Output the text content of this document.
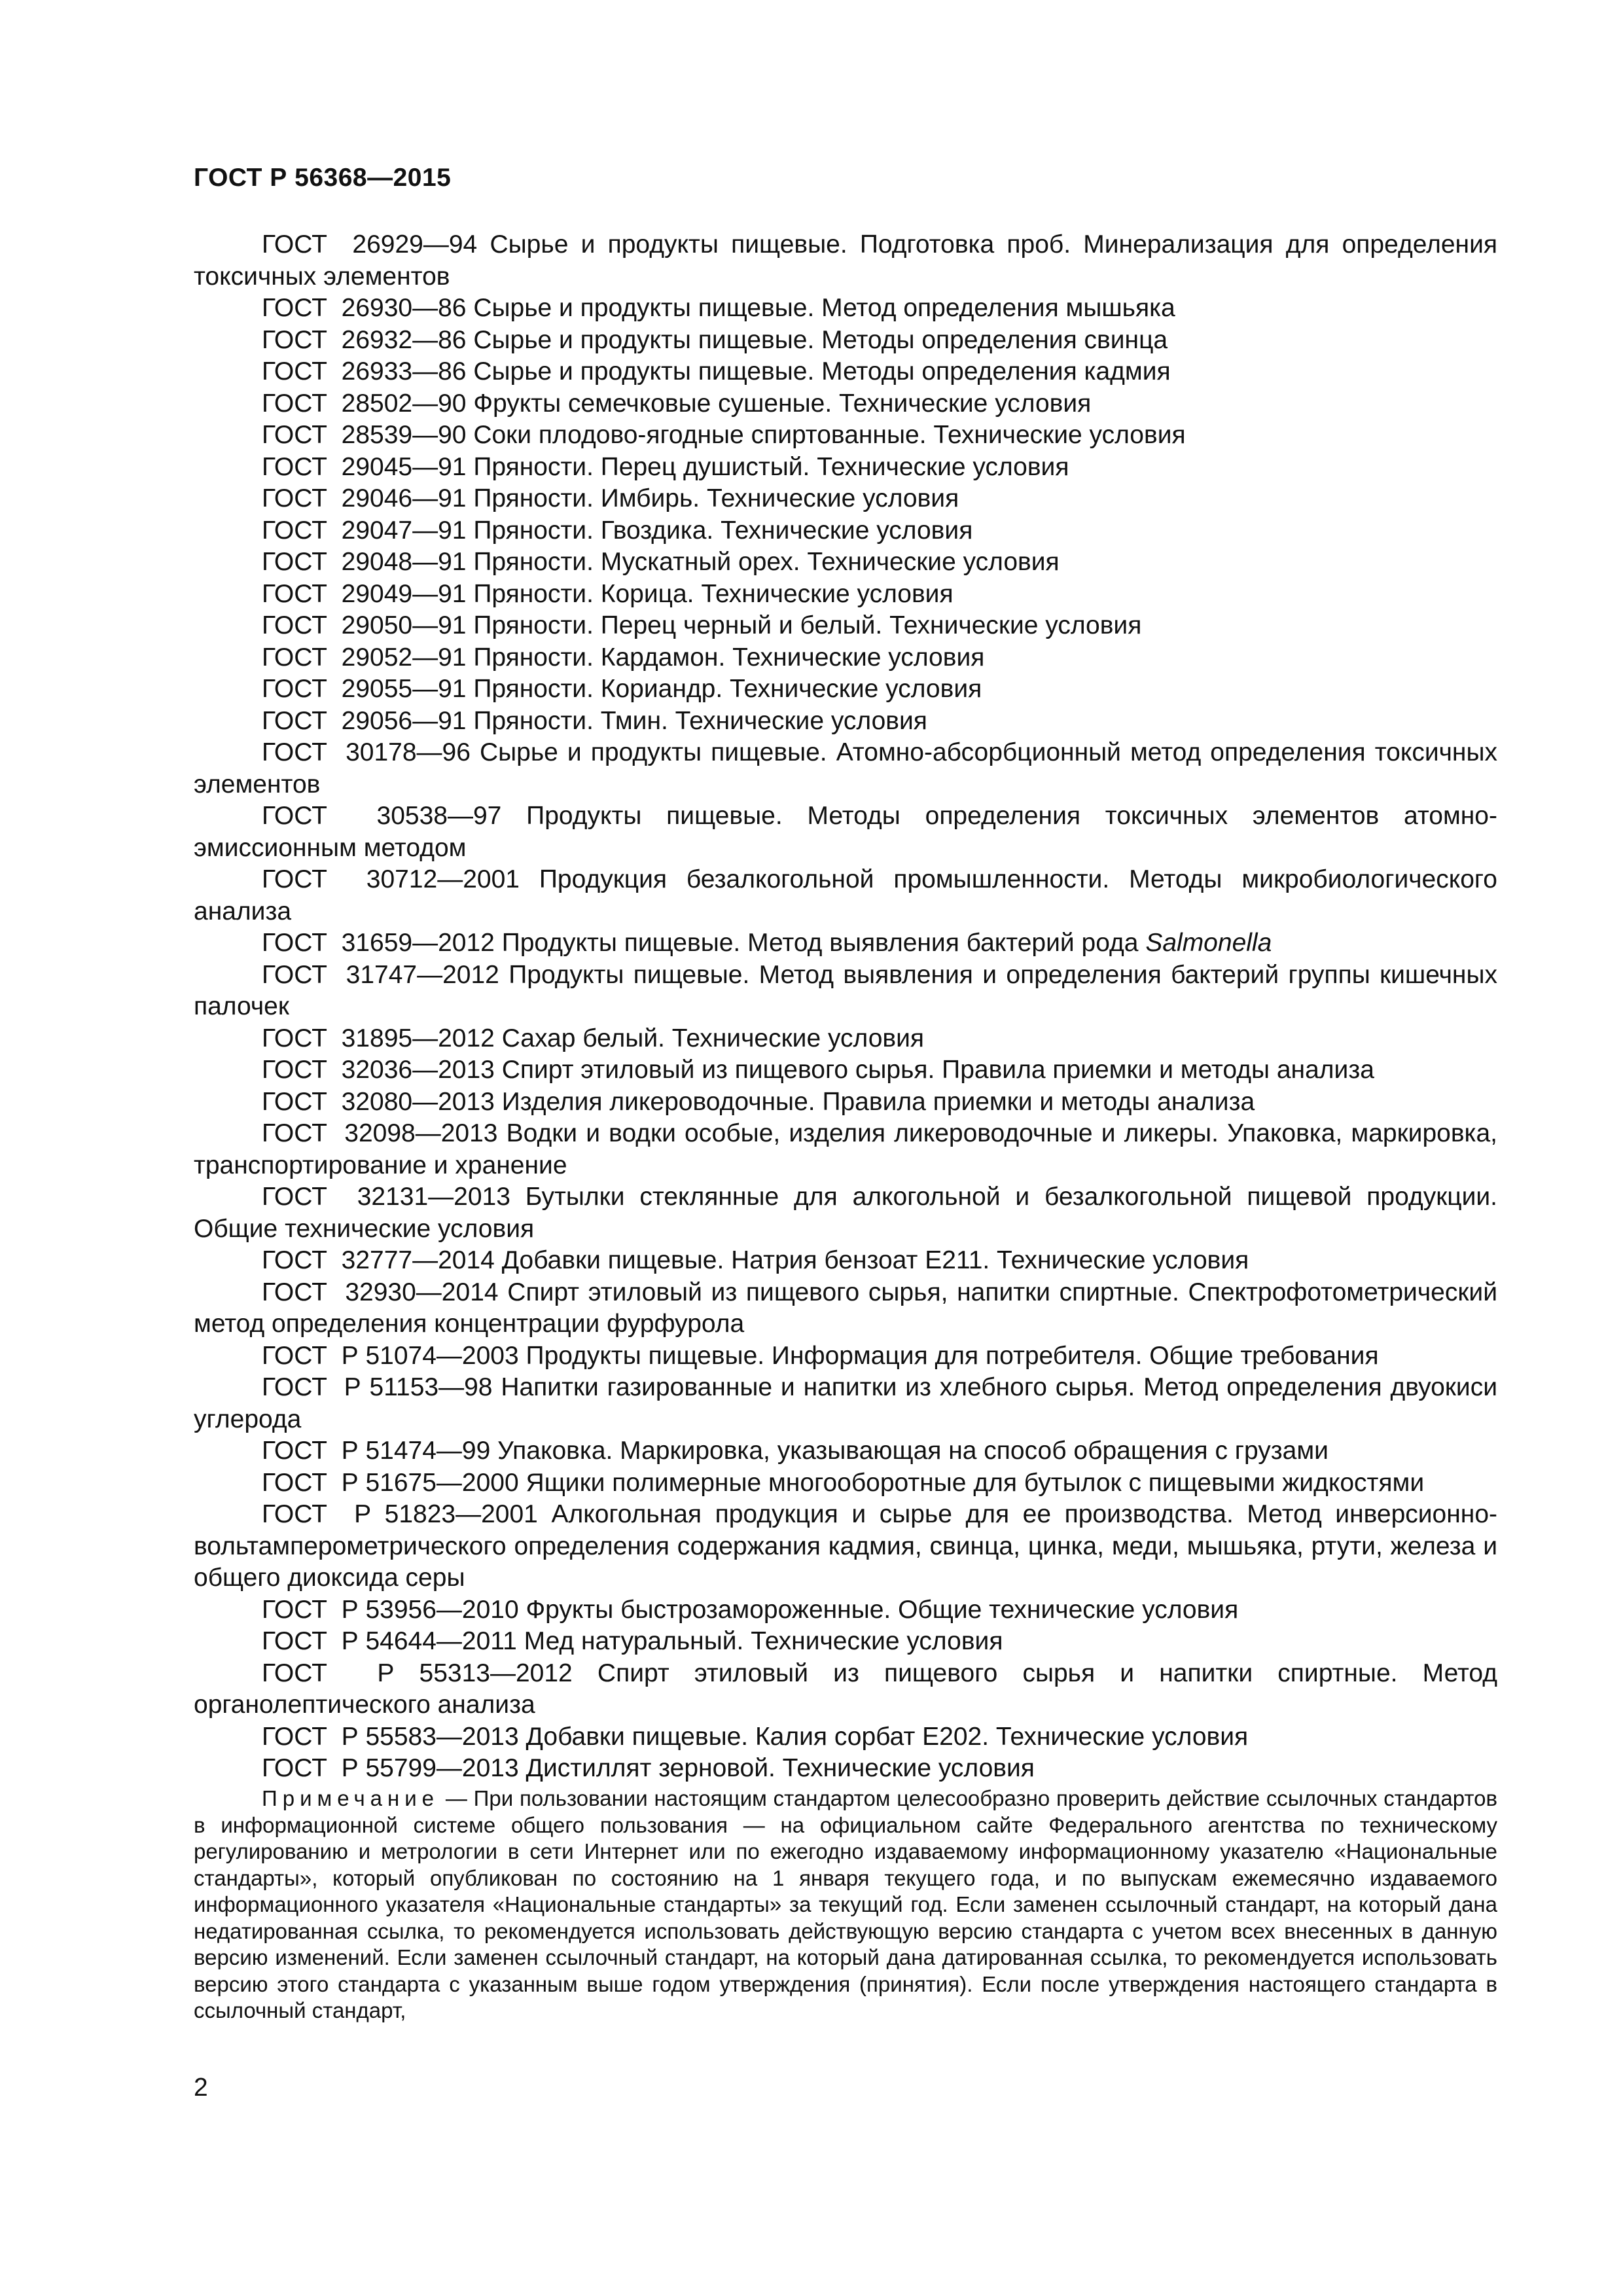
ГОСТ Р 56368—2015

ГОСТ  26929—94 Сырье и продукты пищевые. Подготовка проб. Минерализация для определения токсичных элементов

ГОСТ  26930—86 Сырье и продукты пищевые. Метод определения мышьяка

ГОСТ  26932—86 Сырье и продукты пищевые. Методы определения свинца

ГОСТ  26933—86 Сырье и продукты пищевые. Методы определения кадмия

ГОСТ  28502—90 Фрукты семечковые сушеные. Технические условия

ГОСТ  28539—90 Соки плодово-ягодные спиртованные. Технические условия

ГОСТ  29045—91 Пряности. Перец душистый. Технические условия

ГОСТ  29046—91 Пряности. Имбирь. Технические условия

ГОСТ  29047—91 Пряности. Гвоздика. Технические условия

ГОСТ  29048—91 Пряности. Мускатный орех. Технические условия

ГОСТ  29049—91 Пряности. Корица. Технические условия

ГОСТ  29050—91 Пряности. Перец черный и белый. Технические условия

ГОСТ  29052—91 Пряности. Кардамон. Технические условия

ГОСТ  29055—91 Пряности. Кориандр. Технические условия

ГОСТ  29056—91 Пряности. Тмин. Технические условия

ГОСТ  30178—96 Сырье и продукты пищевые. Атомно-абсорбционный метод определения токсичных элементов

ГОСТ  30538—97 Продукты пищевые. Методы определения токсичных элементов атомно-эмиссионным методом

ГОСТ  30712—2001 Продукция безалкогольной промышленности. Методы микробиологического анализа

ГОСТ  31659—2012 Продукты пищевые. Метод выявления бактерий рода Salmonella

ГОСТ  31747—2012 Продукты пищевые. Метод выявления и определения бактерий группы кишечных палочек

ГОСТ  31895—2012 Сахар белый. Технические условия

ГОСТ  32036—2013 Спирт этиловый из пищевого сырья. Правила приемки и методы анализа

ГОСТ  32080—2013 Изделия ликероводочные. Правила приемки и методы анализа

ГОСТ  32098—2013 Водки и водки особые, изделия ликероводочные и ликеры. Упаковка, маркировка, транспортирование и хранение

ГОСТ  32131—2013 Бутылки стеклянные для алкогольной и безалкогольной пищевой продукции. Общие технические условия

ГОСТ  32777—2014 Добавки пищевые. Натрия бензоат Е211. Технические условия

ГОСТ  32930—2014 Спирт этиловый из пищевого сырья, напитки спиртные. Спектрофотометрический метод определения концентрации фурфурола

ГОСТ  Р 51074—2003 Продукты пищевые. Информация для потребителя. Общие требования

ГОСТ  Р 51153—98 Напитки газированные и напитки из хлебного сырья. Метод определения двуокиси углерода

ГОСТ  Р 51474—99 Упаковка. Маркировка, указывающая на способ обращения с грузами

ГОСТ  Р 51675—2000 Ящики полимерные многооборотные для бутылок с пищевыми жидкостями

ГОСТ  Р 51823—2001 Алкогольная продукция и сырье для ее производства. Метод инверсионно-вольтамперометрического определения содержания кадмия, свинца, цинка, меди, мышьяка, ртути, железа и общего диоксида серы

ГОСТ  Р 53956—2010 Фрукты быстрозамороженные. Общие технические условия

ГОСТ  Р 54644—2011 Мед натуральный. Технические условия

ГОСТ  Р 55313—2012 Спирт этиловый из пищевого сырья и напитки спиртные. Метод органолептического анализа

ГОСТ  Р 55583—2013 Добавки пищевые. Калия сорбат Е202. Технические условия

ГОСТ  Р 55799—2013 Дистиллят зерновой. Технические условия

Примечание — При пользовании настоящим стандартом целесообразно проверить действие ссылочных стандартов в информационной системе общего пользования — на официальном сайте Федерального агентства по техническому регулированию и метрологии в сети Интернет или по ежегодно издаваемому информационному указателю «Национальные стандарты», который опубликован по состоянию на 1 января текущего года, и по выпускам ежемесячно издаваемого информационного указателя «Национальные стандарты» за текущий год. Если заменен ссылочный стандарт, на который дана недатированная ссылка, то рекомендуется использовать действующую версию стандарта с учетом всех внесенных в данную версию изменений. Если заменен ссылочный стандарт, на который дана датированная ссылка, то рекомендуется использовать версию этого стандарта с указанным выше годом утверждения (принятия). Если после утверждения настоящего стандарта в ссылочный стандарт,
2
